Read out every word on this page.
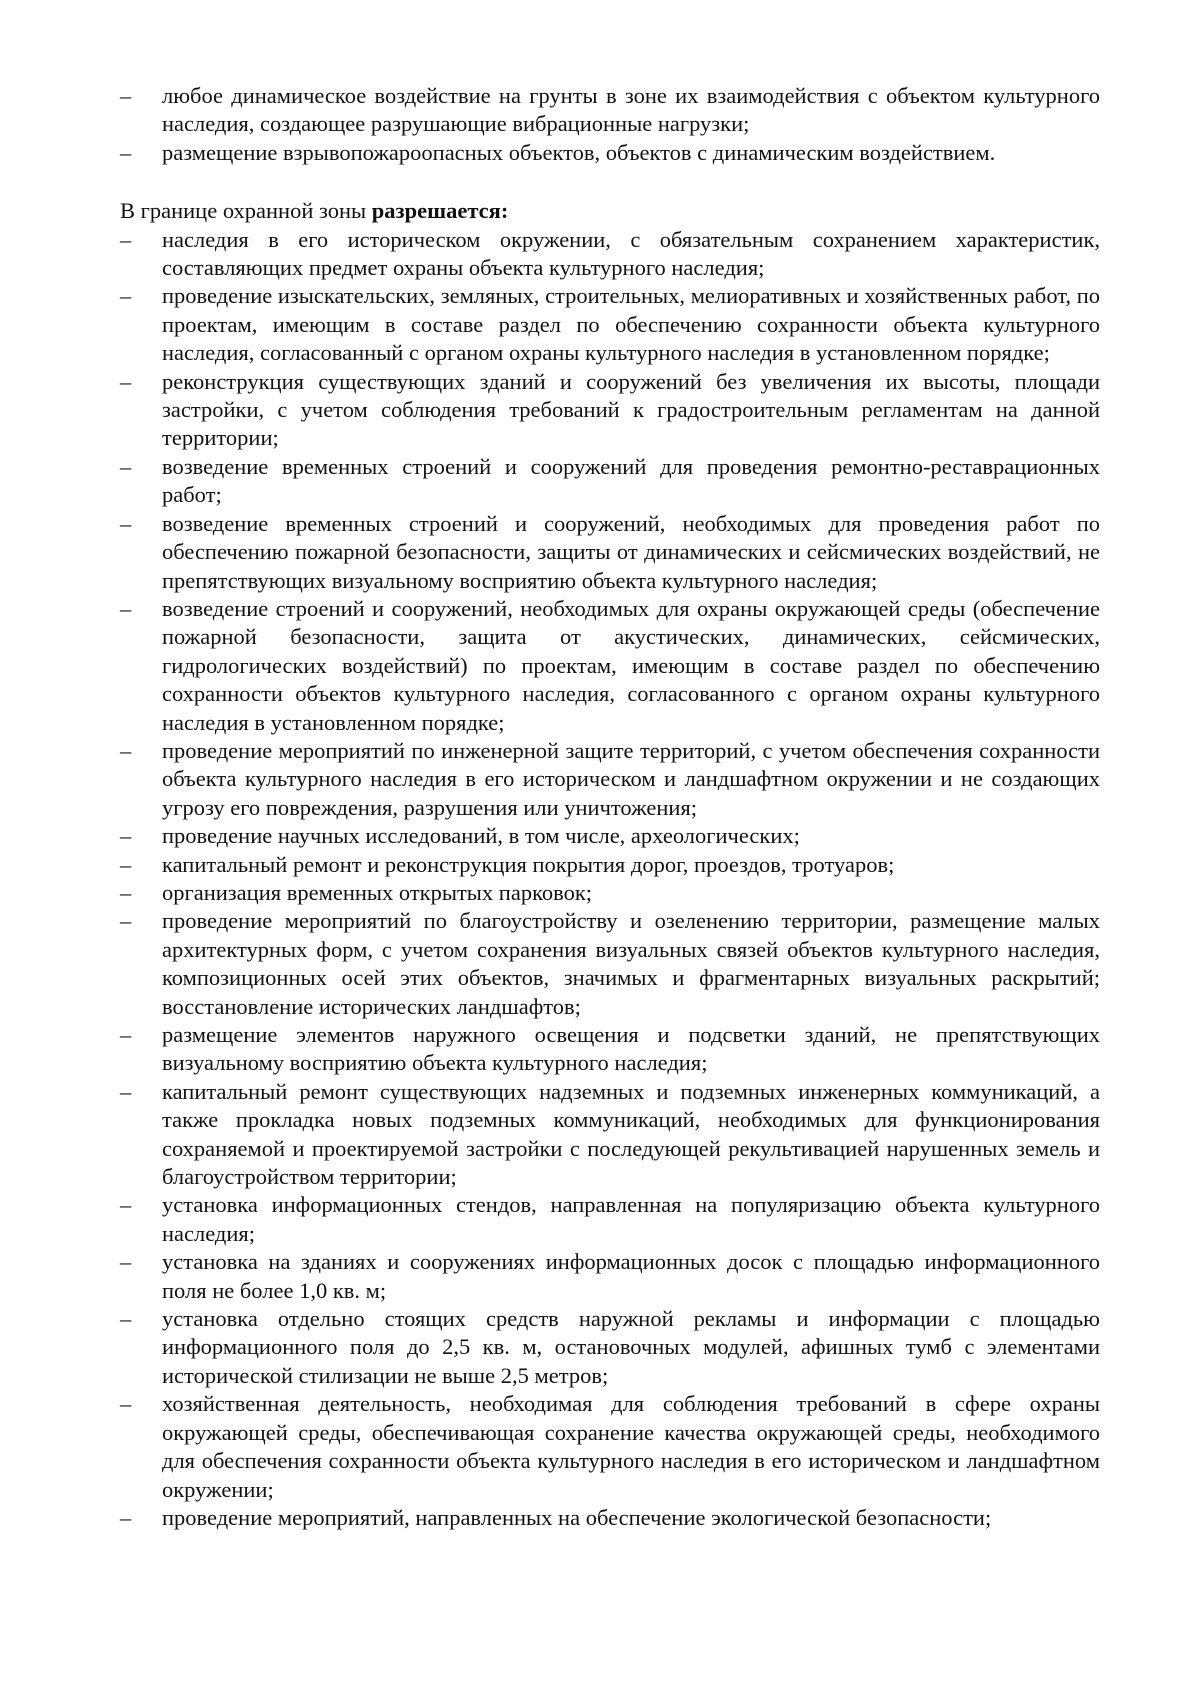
– любое динамическое воздействие на грунты в зоне их взаимодействия с объектом культурного наследия, создающее разрушающие вибрационные нагрузки;
– размещение взрывопожароопасных объектов, объектов с динамическим воздействием.

В границе охранной зоны разрешается:

– наследия в его историческом окружении, с обязательным сохранением характеристик, составляющих предмет охраны объекта культурного наследия;
– проведение изыскательских, земляных, строительных, мелиоративных и хозяйственных работ, по проектам, имеющим в составе раздел по обеспечению сохранности объекта культурного наследия, согласованный с органом охраны культурного наследия в установленном порядке;
– реконструкция существующих зданий и сооружений без увеличения их высоты, площади застройки, с учетом соблюдения требований к градостроительным регламентам на данной территории;
– возведение временных строений и сооружений для проведения ремонтно-реставрационных работ;
– возведение временных строений и сооружений, необходимых для проведения работ по обеспечению пожарной безопасности, защиты от динамических и сейсмических воздействий, не препятствующих визуальному восприятию объекта культурного наследия;
– возведение строений и сооружений, необходимых для охраны окружающей среды (обеспечение пожарной безопасности, защита от акустических, динамических, сейсмических, гидрологических воздействий) по проектам, имеющим в составе раздел по обеспечению сохранности объектов культурного наследия, согласованного с органом охраны культурного наследия в установленном порядке;
– проведение мероприятий по инженерной защите территорий, с учетом обеспечения сохранности объекта культурного наследия в его историческом и ландшафтном окружении и не создающих угрозу его повреждения, разрушения или уничтожения;
– проведение научных исследований, в том числе, археологических;
– капитальный ремонт и реконструкция покрытия дорог, проездов, тротуаров;
– организация временных открытых парковок;
– проведение мероприятий по благоустройству и озеленению территории, размещение малых архитектурных форм, с учетом сохранения визуальных связей объектов культурного наследия, композиционных осей этих объектов, значимых и фрагментарных визуальных раскрытий; восстановление исторических ландшафтов;
– размещение элементов наружного освещения и подсветки зданий, не препятствующих визуальному восприятию объекта культурного наследия;
– капитальный ремонт существующих надземных и подземных инженерных коммуникаций, а также прокладка новых подземных коммуникаций, необходимых для функционирования сохраняемой и проектируемой застройки с последующей рекультивацией нарушенных земель и благоустройством территории;
– установка информационных стендов, направленная на популяризацию объекта культурного наследия;
– установка на зданиях и сооружениях информационных досок с площадью информационного поля не более 1,0 кв. м;
– установка отдельно стоящих средств наружной рекламы и информации с площадью информационного поля до 2,5 кв. м, остановочных модулей, афишных тумб с элементами исторической стилизации не выше 2,5 метров;
– хозяйственная деятельность, необходимая для соблюдения требований в сфере охраны окружающей среды, обеспечивающая сохранение качества окружающей среды, необходимого для обеспечения сохранности объекта культурного наследия в его историческом и ландшафтном окружении;
– проведение мероприятий, направленных на обеспечение экологической безопасности;
